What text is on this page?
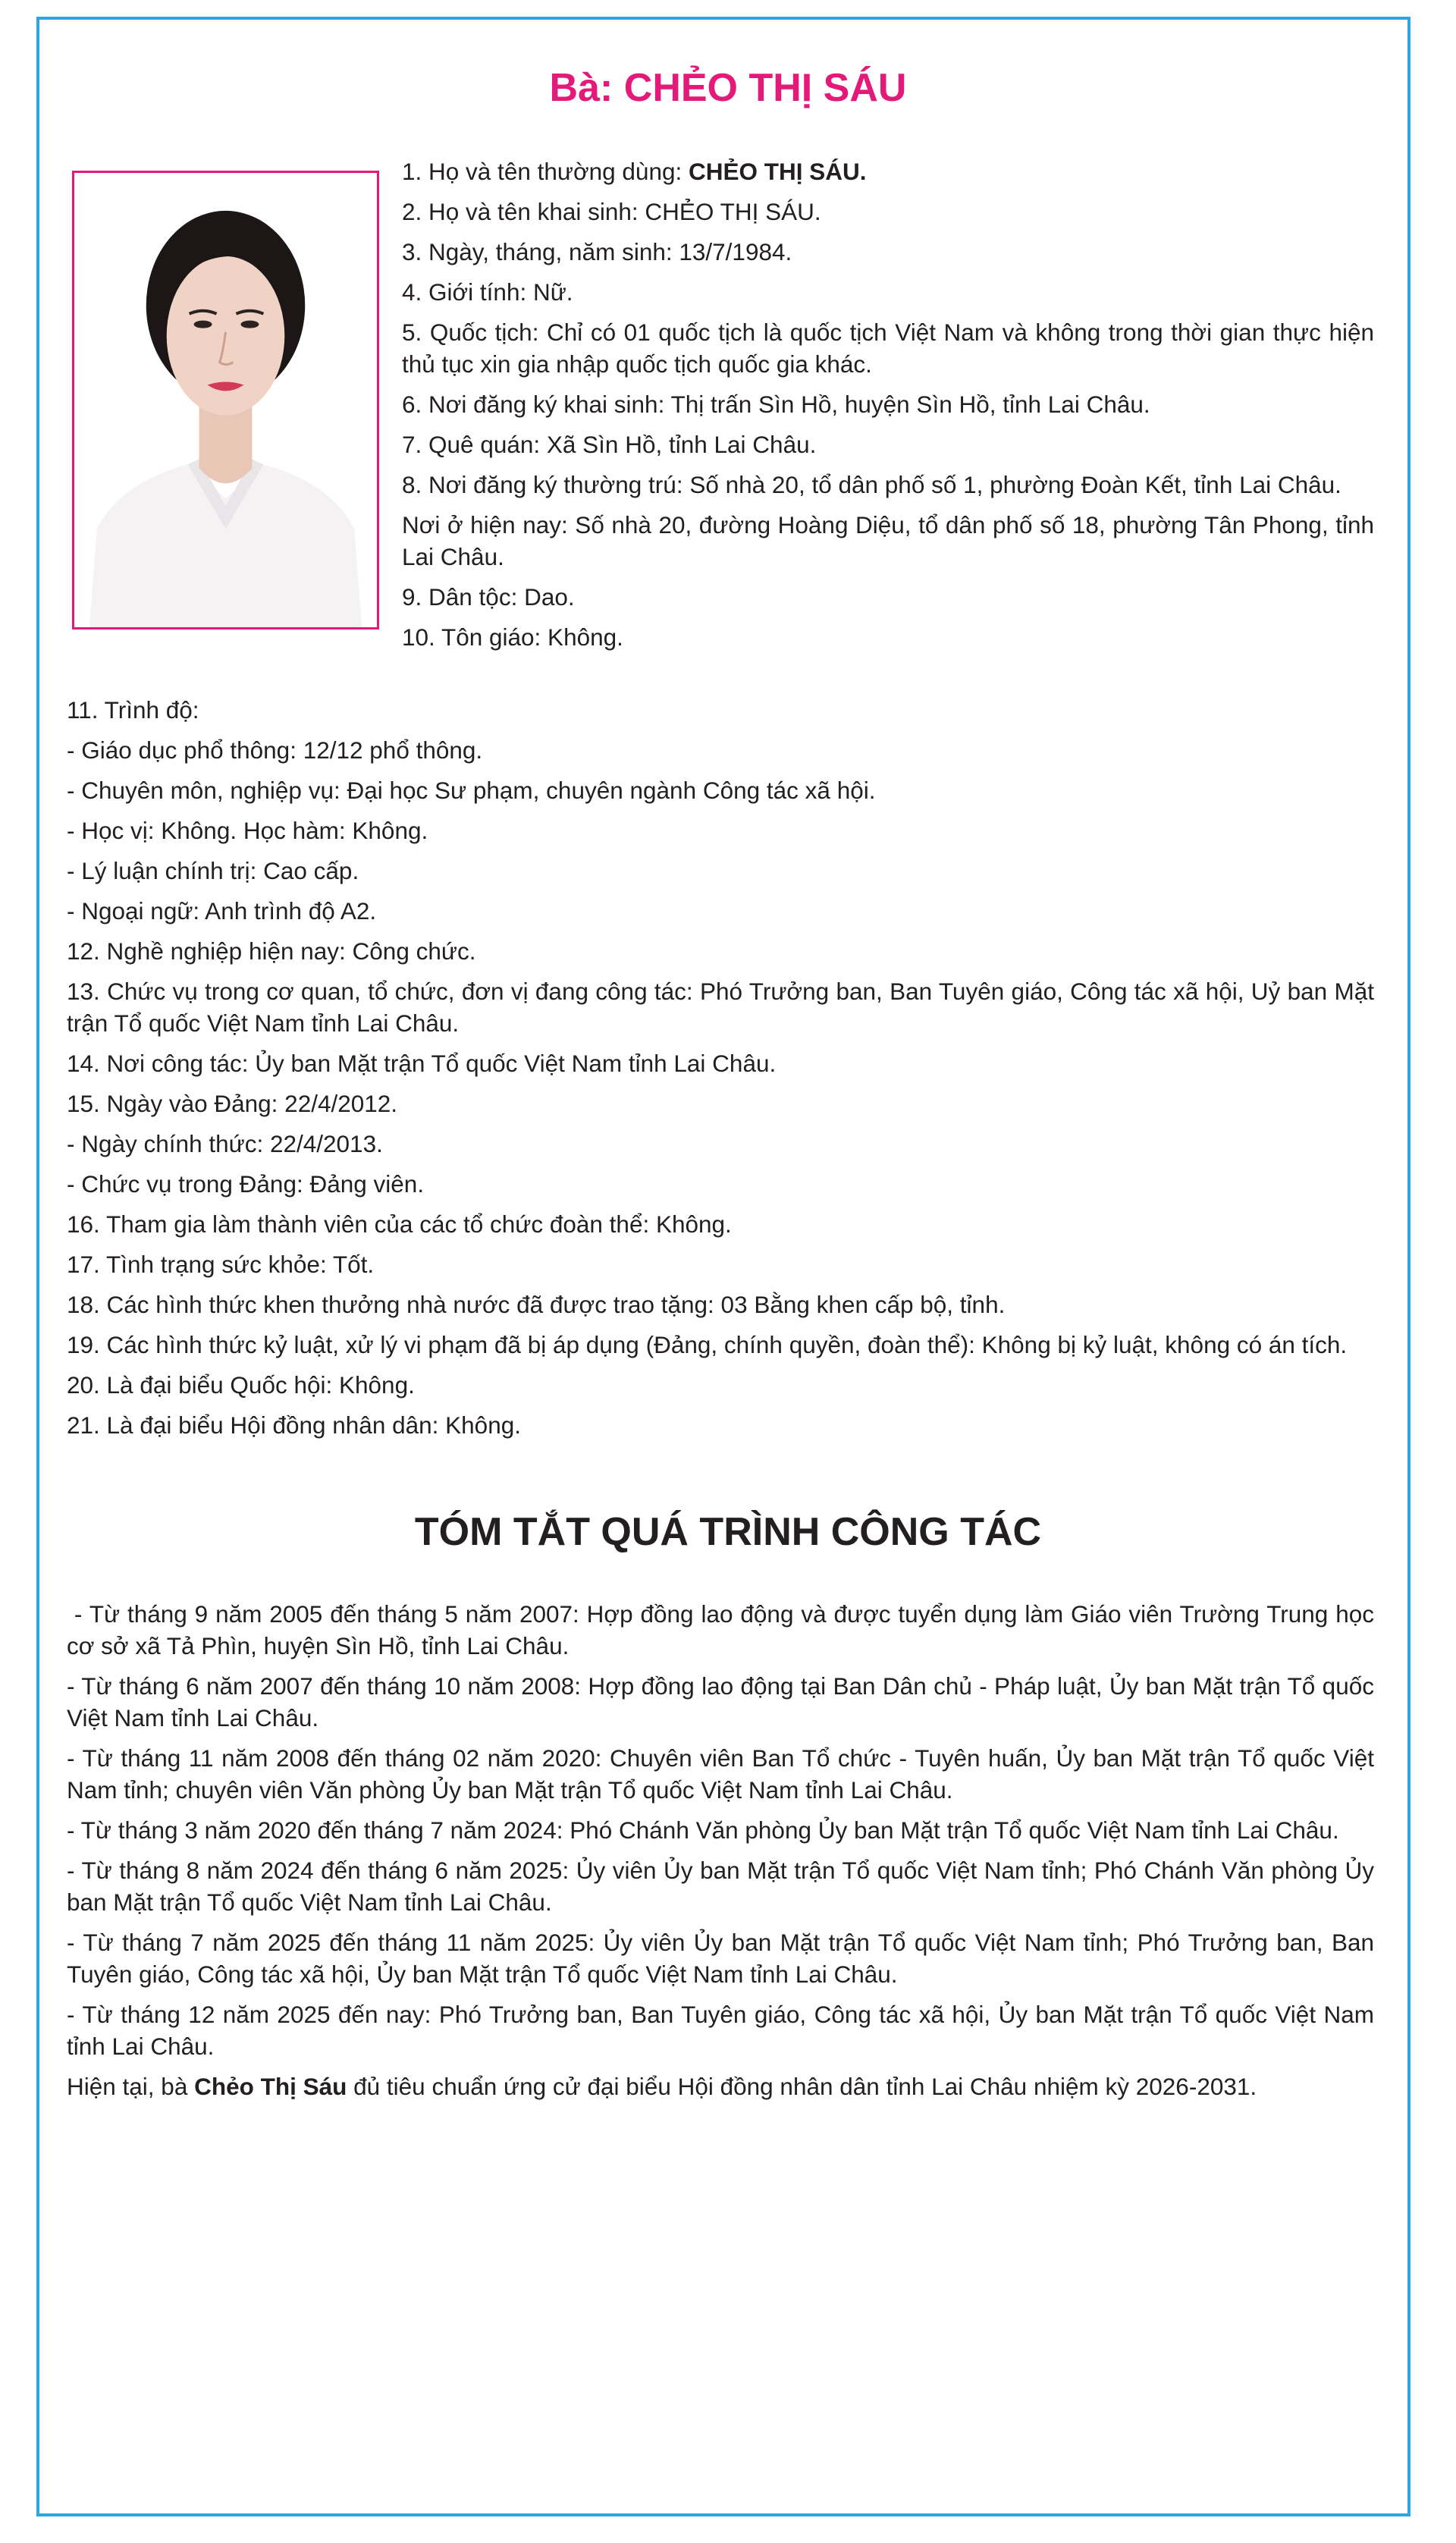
Bà: CHẺO THỊ SÁU

1. Họ và tên thường dùng: CHẺO THỊ SÁU.

2. Họ và tên khai sinh: CHẺO THỊ SÁU.

3. Ngày, tháng, năm sinh: 13/7/1984.

4. Giới tính: Nữ.

5. Quốc tịch: Chỉ có 01 quốc tịch là quốc tịch Việt Nam và không trong thời gian thực hiện thủ tục xin gia nhập quốc tịch quốc gia khác.

6. Nơi đăng ký khai sinh: Thị trấn Sìn Hồ, huyện Sìn Hồ, tỉnh Lai Châu.

7. Quê quán: Xã Sìn Hồ, tỉnh Lai Châu.

8. Nơi đăng ký thường trú: Số nhà 20, tổ dân phố số 1, phường Đoàn Kết, tỉnh Lai Châu.

Nơi ở hiện nay: Số nhà 20, đường Hoàng Diệu, tổ dân phố số 18, phường Tân Phong, tỉnh Lai Châu.

9. Dân tộc: Dao.

10. Tôn giáo: Không.

11. Trình độ:

- Giáo dục phổ thông: 12/12 phổ thông.

- Chuyên môn, nghiệp vụ: Đại học Sư phạm, chuyên ngành Công tác xã hội.

- Học vị: Không. Học hàm: Không.

- Lý luận chính trị: Cao cấp.

- Ngoại ngữ: Anh trình độ A2.

12. Nghề nghiệp hiện nay: Công chức.

13. Chức vụ trong cơ quan, tổ chức, đơn vị đang công tác: Phó Trưởng ban, Ban Tuyên giáo, Công tác xã hội, Uỷ ban Mặt trận Tổ quốc Việt Nam tỉnh Lai Châu.

14. Nơi công tác: Ủy ban Mặt trận Tổ quốc Việt Nam tỉnh Lai Châu.

15. Ngày vào Đảng: 22/4/2012.

- Ngày chính thức: 22/4/2013.

- Chức vụ trong Đảng: Đảng viên.

16. Tham gia làm thành viên của các tổ chức đoàn thể: Không.

17. Tình trạng sức khỏe: Tốt.

18. Các hình thức khen thưởng nhà nước đã được trao tặng: 03 Bằng khen cấp bộ, tỉnh.

19. Các hình thức kỷ luật, xử lý vi phạm đã bị áp dụng (Đảng, chính quyền, đoàn thể): Không bị kỷ luật, không có án tích.

20. Là đại biểu Quốc hội: Không.

21. Là đại biểu Hội đồng nhân dân: Không.

TÓM TẮT QUÁ TRÌNH CÔNG TÁC

- Từ tháng 9 năm 2005 đến tháng 5 năm 2007: Hợp đồng lao động và được tuyển dụng làm Giáo viên Trường Trung học cơ sở xã Tả Phìn, huyện Sìn Hồ, tỉnh Lai Châu.

- Từ tháng 6 năm 2007 đến tháng 10 năm 2008: Hợp đồng lao động tại Ban Dân chủ - Pháp luật, Ủy ban Mặt trận Tổ quốc Việt Nam tỉnh Lai Châu.

- Từ tháng 11 năm 2008 đến tháng 02 năm 2020: Chuyên viên Ban Tổ chức - Tuyên huấn, Ủy ban Mặt trận Tổ quốc Việt Nam tỉnh; chuyên viên Văn phòng Ủy ban Mặt trận Tổ quốc Việt Nam tỉnh Lai Châu.

- Từ tháng 3 năm 2020 đến tháng 7 năm 2024: Phó Chánh Văn phòng Ủy ban Mặt trận Tổ quốc Việt Nam tỉnh Lai Châu.

- Từ tháng 8 năm 2024 đến tháng 6 năm 2025: Ủy viên Ủy ban Mặt trận Tổ quốc Việt Nam tỉnh; Phó Chánh Văn phòng Ủy ban Mặt trận Tổ quốc Việt Nam tỉnh Lai Châu.

- Từ tháng 7 năm 2025 đến tháng 11 năm 2025: Ủy viên Ủy ban Mặt trận Tổ quốc Việt Nam tỉnh; Phó Trưởng ban, Ban Tuyên giáo, Công tác xã hội, Ủy ban Mặt trận Tổ quốc Việt Nam tỉnh Lai Châu.

- Từ tháng 12 năm 2025 đến nay: Phó Trưởng ban, Ban Tuyên giáo, Công tác xã hội, Ủy ban Mặt trận Tổ quốc Việt Nam tỉnh Lai Châu.

Hiện tại, bà Chẻo Thị Sáu đủ tiêu chuẩn ứng cử đại biểu Hội đồng nhân dân tỉnh Lai Châu nhiệm kỳ 2026-2031.
